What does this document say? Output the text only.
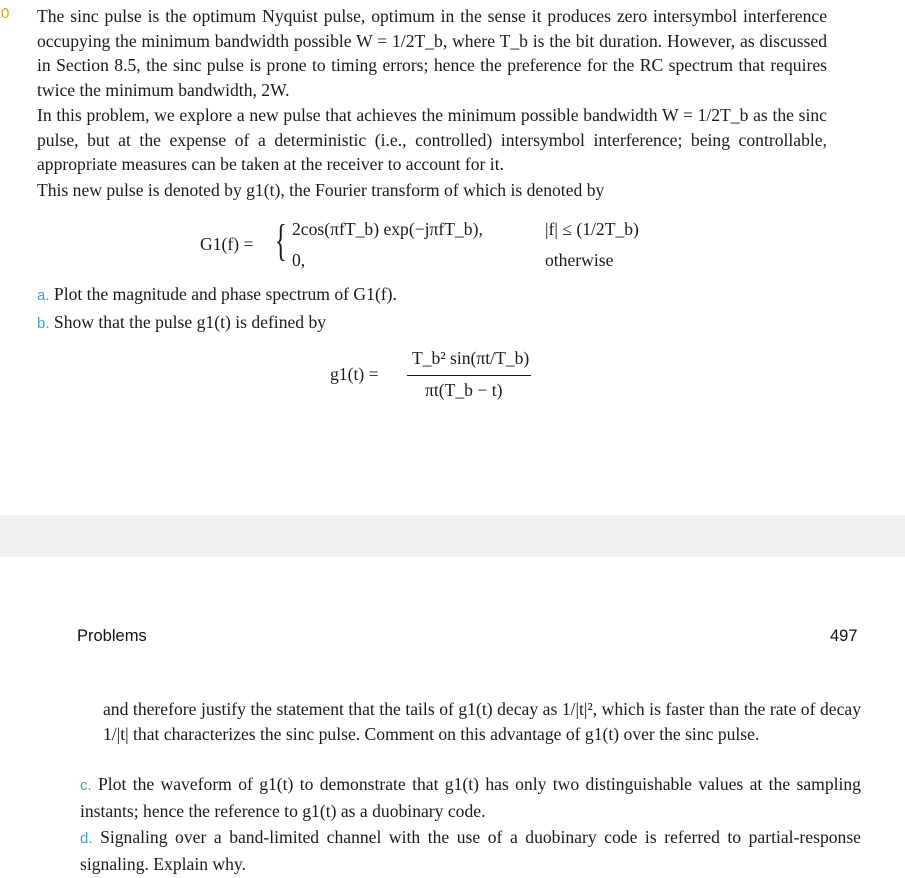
0 The sinc pulse is the optimum Nyquist pulse, optimum in the sense it produces zero intersymbol interference occupying the minimum bandwidth possible W = 1/2T_b, where T_b is the bit duration. However, as discussed in Section 8.5, the sinc pulse is prone to timing errors; hence the preference for the RC spectrum that requires twice the minimum bandwidth, 2W.

In this problem, we explore a new pulse that achieves the minimum possible bandwidth W = 1/2T_b as the sinc pulse, but at the expense of a deterministic (i.e., controlled) intersymbol interference; being controllable, appropriate measures can be taken at the receiver to account for it.

This new pulse is denoted by g1(t), the Fourier transform of which is denoted by

G1(f) = { 2cos(πfT_b) exp(−jπfT_b),	|f| ≤ (1/2T_b)
0,	otherwise
a. Plot the magnitude and phase spectrum of G1(f).
b. Show that the pulse g1(t) is defined by
g1(t) =
T_b² sin(πt/T_b)
πt(T_b − t)
Problems	497

and therefore justify the statement that the tails of g1(t) decay as 1/|t|², which is faster than the rate of decay 1/|t| that characterizes the sinc pulse. Comment on this advantage of g1(t) over the sinc pulse.

c. Plot the waveform of g1(t) to demonstrate that g1(t) has only two distinguishable values at the sampling instants; hence the reference to g1(t) as a duobinary code.
d. Signaling over a band-limited channel with the use of a duobinary code is referred to partial-response signaling. Explain why.
